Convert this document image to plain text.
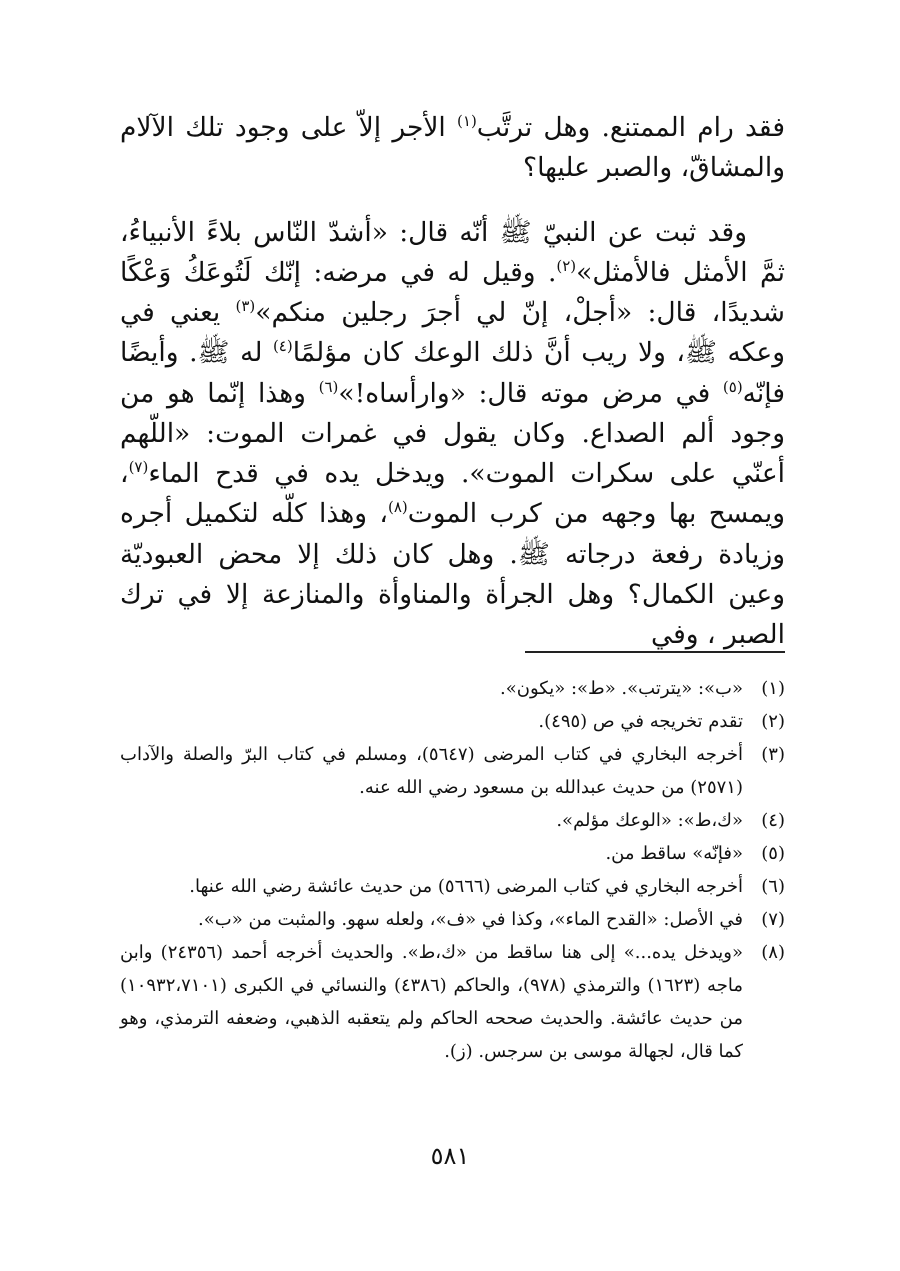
فقد رام الممتنع. وهل ترتَّب$^{(١)}$ الأجر إلاّ على وجود تلك الآلام والمشاقّ، والصبر عليها؟

وقد ثبت عن النبيّ ﷺ أنّه قال: «أشدّ النّاس بلاءً الأنبياءُ، ثمَّ الأمثل فالأمثل»$^{(٢)}$. وقيل له في مرضه: إنّك لَتُوعَكُ وَعْكًا شديدًا، قال: «أجلْ، إنّ لي أجرَ رجلين منكم»$^{(٣)}$ يعني في وعكه ﷺ، ولا ريب أنَّ ذلك الوعك كان مؤلمًا$^{(٤)}$ له ﷺ. وأيضًا فإنّه$^{(٥)}$ في مرض موته قال: «وارأساه!»$^{(٦)}$ وهذا إنّما هو من وجود ألم الصداع. وكان يقول في غمرات الموت: «اللّهم أعنّي على سكرات الموت». ويدخل يده في قدح الماء$^{(٧)}$، ويمسح بها وجهه من كرب الموت$^{(٨)}$، وهذا كلّه لتكميل أجره وزيادة رفعة درجاته ﷺ. وهل كان ذلك إلا محض العبوديّة وعين الكمال؟ وهل الجرأة والمناوأة والمنازعة إلا في ترك الصبر ، وفي

(١)
«ب»: «يترتب». «ط»: «يكون».
(٢)
تقدم تخريجه في ص (٤٩٥).
(٣)
أخرجه البخاري في كتاب المرضى (٥٦٤٧)، ومسلم في كتاب البرّ والصلة والآداب (٢٥٧١) من حديث عبدالله بن مسعود رضي الله عنه.
(٤)
«ك،ط»: «الوعك مؤلم».
(٥)
«فإنّه» ساقط من.
(٦)
أخرجه البخاري في كتاب المرضى (٥٦٦٦) من حديث عائشة رضي الله عنها.
(٧)
في الأصل: «القدح الماء»، وكذا في «ف»، ولعله سهو. والمثبت من «ب».
(٨)
«ويدخل يده...» إلى هنا ساقط من «ك،ط». والحديث أخرجه أحمد (٢٤٣٥٦) وابن ماجه (١٦٢٣) والترمذي (٩٧٨)، والحاكم (٤٣٨٦) والنسائي في الكبرى (١٠٩٣٢،٧١٠١) من حديث عائشة. والحديث صححه الحاكم ولم يتعقبه الذهبي، وضعفه الترمذي، وهو كما قال، لجهالة موسى بن سرجس. (ز).
٥٨١
